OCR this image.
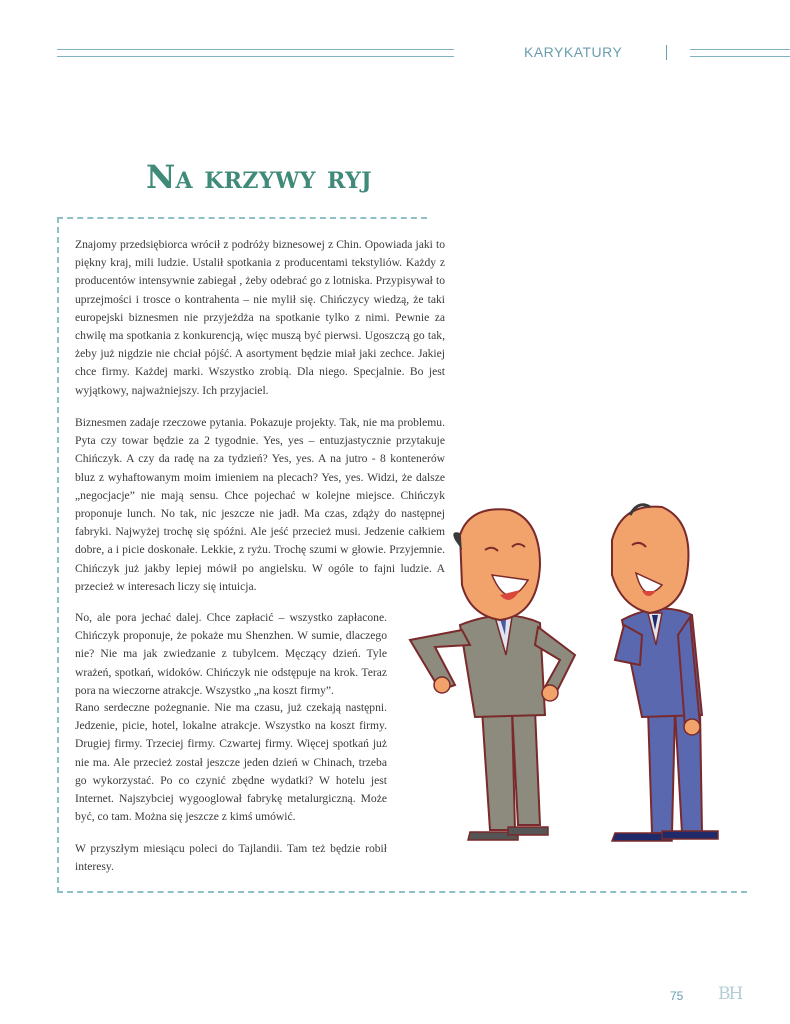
KARYKATURY
Na krzywy ryj

Znajomy przedsiębiorca wrócił z podróży biznesowej z Chin. Opowiada jaki to piękny kraj, mili ludzie. Ustalił spotkania z producentami tekstyliów. Każdy z producentów intensywnie zabiegał , żeby odebrać go z lotniska. Przypisywał to uprzejmości i trosce o kontrahenta – nie mylił się. Chińczycy wiedzą, że taki europejski biznesmen nie przyjeżdża na spotkanie tylko z nimi. Pewnie za chwilę ma spotkania z konkurencją, więc muszą być pierwsi. Ugoszczą go tak, żeby już nigdzie nie chciał pójść. A asortyment będzie miał jaki zechce. Jakiej chce firmy. Każdej marki. Wszystko zrobią. Dla niego. Specjalnie. Bo jest wyjątkowy, najważniejszy. Ich przyjaciel.

Biznesmen zadaje rzeczowe pytania. Pokazuje projekty. Tak, nie ma problemu. Pyta czy towar będzie za 2 tygodnie. Yes, yes – entuzjastycznie przytakuje Chińczyk. A czy da radę na za tydzień? Yes, yes. A na jutro - 8 kontenerów bluz z wyhaftowanym moim imieniem na plecach? Yes, yes. Widzi, że dalsze „negocjacje” nie mają sensu. Chce pojechać w kolejne miejsce. Chińczyk proponuje lunch. No tak, nic jeszcze nie jadł. Ma czas, zdąży do następnej fabryki. Najwyżej trochę się spóźni. Ale jeść przecież musi. Jedzenie całkiem dobre, a i picie doskonałe. Lekkie, z ryżu. Trochę szumi w głowie. Przyjemnie. Chińczyk już jakby lepiej mówił po angielsku. W ogóle to fajni ludzie. A przecież w interesach liczy się intuicja.

No, ale pora jechać dalej. Chce zapłacić – wszystko zapłacone. Chińczyk proponuje, że pokaże mu Shenzhen. W sumie, dlaczego nie? Nie ma jak zwiedzanie z tubylcem. Męczący dzień. Tyle wrażeń, spotkań, widoków. Chińczyk nie odstępuje na krok. Teraz pora na wieczorne atrakcje. Wszystko „na koszt firmy”.

Rano serdeczne pożegnanie. Nie ma czasu, już czekają następni. Jedzenie, picie, hotel, lokalne atrakcje. Wszystko na koszt firmy. Drugiej firmy. Trzeciej firmy. Czwartej firmy. Więcej spotkań już nie ma. Ale przecież został jeszcze jeden dzień w Chinach, trzeba go wykorzystać. Po co czynić zbędne wydatki? W hotelu jest Internet. Najszybciej wygooglował fabrykę metalurgiczną. Może być, co tam. Można się jeszcze z kimś umówić.

W przyszłym miesiącu poleci do Tajlandii. Tam też będzie robił interesy.

75 BH
